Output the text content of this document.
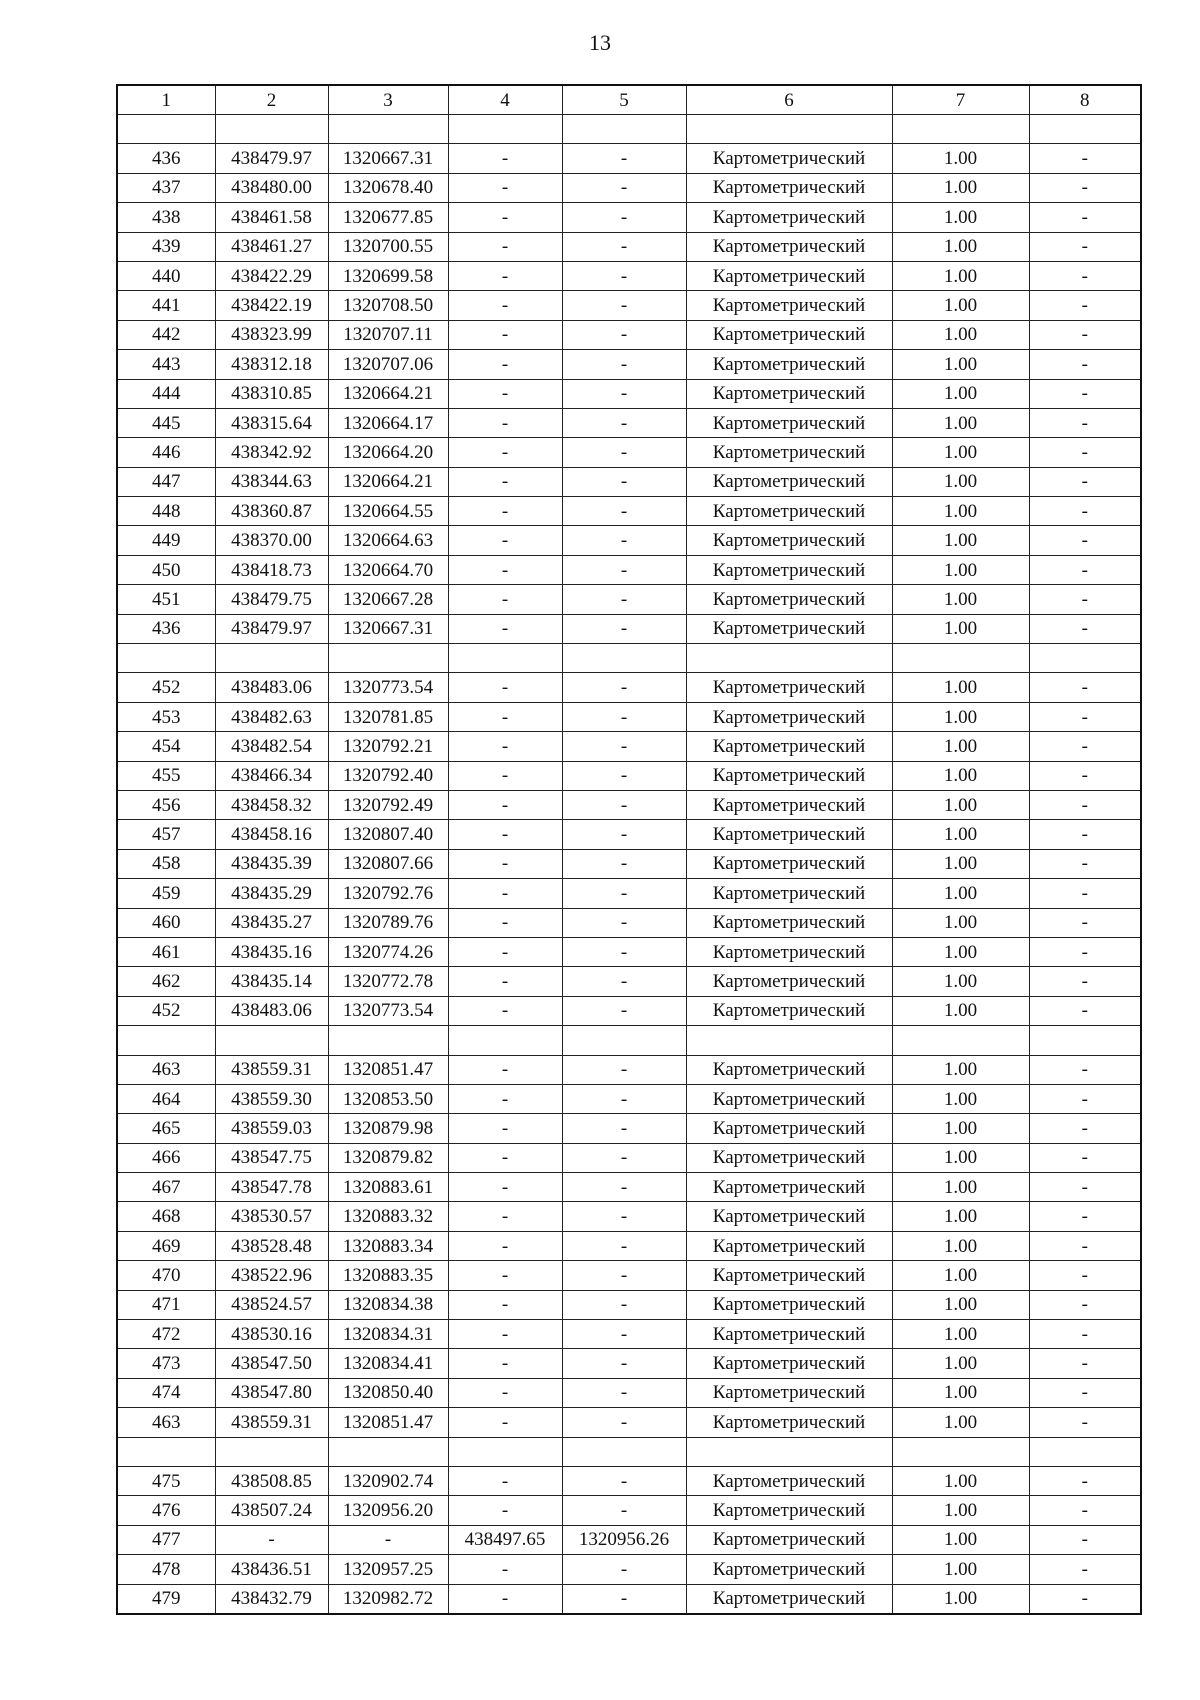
13
1	2	3	4	5	6	7	8

436	438479.97	1320667.31	-	-	Картометрический	1.00	-
437	438480.00	1320678.40	-	-	Картометрический	1.00	-
438	438461.58	1320677.85	-	-	Картометрический	1.00	-
439	438461.27	1320700.55	-	-	Картометрический	1.00	-
440	438422.29	1320699.58	-	-	Картометрический	1.00	-
441	438422.19	1320708.50	-	-	Картометрический	1.00	-
442	438323.99	1320707.11	-	-	Картометрический	1.00	-
443	438312.18	1320707.06	-	-	Картометрический	1.00	-
444	438310.85	1320664.21	-	-	Картометрический	1.00	-
445	438315.64	1320664.17	-	-	Картометрический	1.00	-
446	438342.92	1320664.20	-	-	Картометрический	1.00	-
447	438344.63	1320664.21	-	-	Картометрический	1.00	-
448	438360.87	1320664.55	-	-	Картометрический	1.00	-
449	438370.00	1320664.63	-	-	Картометрический	1.00	-
450	438418.73	1320664.70	-	-	Картометрический	1.00	-
451	438479.75	1320667.28	-	-	Картометрический	1.00	-
436	438479.97	1320667.31	-	-	Картометрический	1.00	-

452	438483.06	1320773.54	-	-	Картометрический	1.00	-
453	438482.63	1320781.85	-	-	Картометрический	1.00	-
454	438482.54	1320792.21	-	-	Картометрический	1.00	-
455	438466.34	1320792.40	-	-	Картометрический	1.00	-
456	438458.32	1320792.49	-	-	Картометрический	1.00	-
457	438458.16	1320807.40	-	-	Картометрический	1.00	-
458	438435.39	1320807.66	-	-	Картометрический	1.00	-
459	438435.29	1320792.76	-	-	Картометрический	1.00	-
460	438435.27	1320789.76	-	-	Картометрический	1.00	-
461	438435.16	1320774.26	-	-	Картометрический	1.00	-
462	438435.14	1320772.78	-	-	Картометрический	1.00	-
452	438483.06	1320773.54	-	-	Картометрический	1.00	-

463	438559.31	1320851.47	-	-	Картометрический	1.00	-
464	438559.30	1320853.50	-	-	Картометрический	1.00	-
465	438559.03	1320879.98	-	-	Картометрический	1.00	-
466	438547.75	1320879.82	-	-	Картометрический	1.00	-
467	438547.78	1320883.61	-	-	Картометрический	1.00	-
468	438530.57	1320883.32	-	-	Картометрический	1.00	-
469	438528.48	1320883.34	-	-	Картометрический	1.00	-
470	438522.96	1320883.35	-	-	Картометрический	1.00	-
471	438524.57	1320834.38	-	-	Картометрический	1.00	-
472	438530.16	1320834.31	-	-	Картометрический	1.00	-
473	438547.50	1320834.41	-	-	Картометрический	1.00	-
474	438547.80	1320850.40	-	-	Картометрический	1.00	-
463	438559.31	1320851.47	-	-	Картометрический	1.00	-

475	438508.85	1320902.74	-	-	Картометрический	1.00	-
476	438507.24	1320956.20	-	-	Картометрический	1.00	-
477	-	-	438497.65	1320956.26	Картометрический	1.00	-
478	438436.51	1320957.25	-	-	Картометрический	1.00	-
479	438432.79	1320982.72	-	-	Картометрический	1.00	-
